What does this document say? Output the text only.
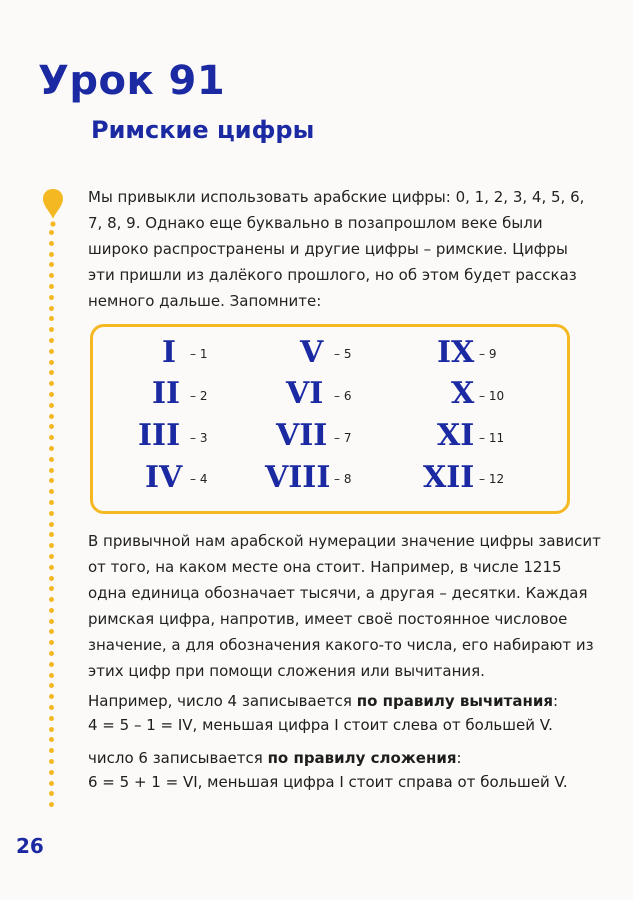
Урок 91
Римские цифры
Мы привыкли использовать арабские цифры: 0, 1, 2, 3, 4, 5, 6, 7, 8, 9. Однако еще буквально в позапрошлом веке были широко распространены и другие цифры – римские. Цифры эти пришли из далёкого прошлого, но об этом будет рассказ немного дальше. Запомните:
I – 1
II
III
IV
– 2
– 3
– 4
V
VI
VII
VIII
– 5
– 6
– 7
– 8
IX
X
XI
XII
– 9
– 10
– 11
– 12
В привычной нам арабской нумерации значение цифры зависит от того, на каком месте она стоит. Например, в числе 1215 одна единица обозначает тысячи, а другая – десятки. Каждая римская цифра, напротив, имеет своё постоянное числовое значение, а для обозначения какого-то числа, его набирают из этих цифр при помощи сложения или вычитания.
Например, число 4 записывается по правилу вычитания:
4 = 5 – 1 = IV, меньшая цифра I стоит слева от большей V.
число 6 записывается по правилу сложения:
6 = 5 + 1 = VI, меньшая цифра I стоит справа от большей V.
26
